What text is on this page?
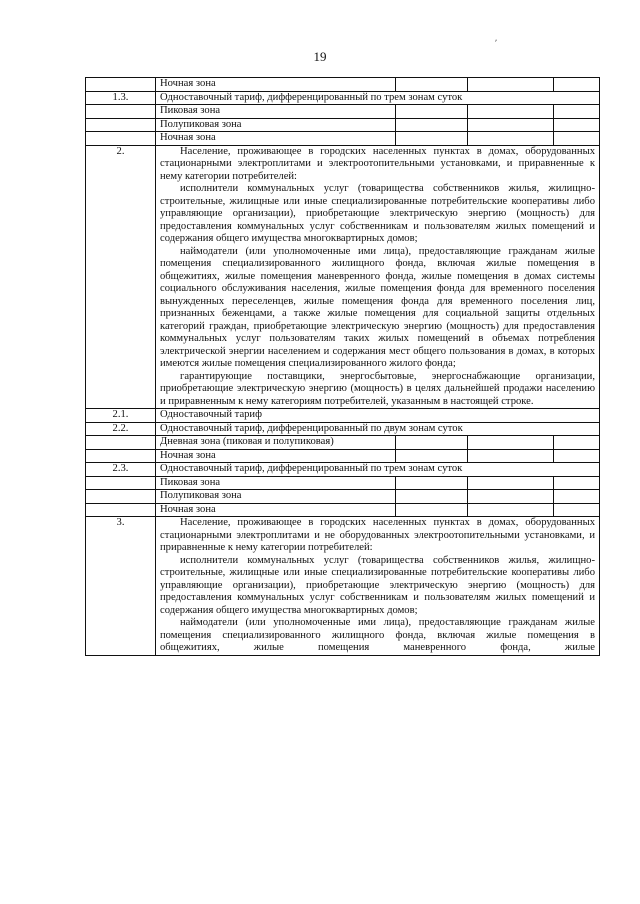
19
'
	Ночная зона			
1.3.	Одноставочный тариф, дифференцированный по трем зонам суток			
	Пиковая зона			
	Полупиковая зона			
	Ночная зона			
2.	Население, проживающее в городских населенных пунктах в домах, оборудованных стационарными электроплитами и электроотопительными установками, и приравненные к нему категории потребителей:
исполнители коммунальных услуг (товарищества собственников жилья, жилищно-строительные, жилищные или иные специализированные потребительские кооперативы либо управляющие организации), приобретающие электрическую энергию (мощность) для предоставления коммунальных услуг собственникам и пользователям жилых помещений и содержания общего имущества многоквартирных домов;
наймодатели (или уполномоченные ими лица), предоставляющие гражданам жилые помещения специализированного жилищного фонда, включая жилые помещения в общежитиях, жилые помещения маневренного фонда, жилые помещения в домах системы социального обслуживания населения, жилые помещения фонда для временного поселения вынужденных переселенцев, жилые помещения фонда для временного поселения лиц, признанных беженцами, а также жилые помещения для социальной защиты отдельных категорий граждан, приобретающие электрическую энергию (мощность) для предоставления коммунальных услуг пользователям таких жилых помещений в объемах потребления электрической энергии населением и содержания мест общего пользования в домах, в которых имеются жилые помещения специализированного жилого фонда;
гарантирующие поставщики, энергосбытовые, энергоснабжающие организации, приобретающие электрическую энергию (мощность) в целях дальнейшей продажи населению и приравненным к нему категориям потребителей, указанным в настоящей строке.			

2.1.	Одноставочный тариф			
2.2.	Одноставочный тариф, дифференцированный по двум зонам суток			
	Дневная зона (пиковая и полупиковая)			
	Ночная зона			
2.3.	Одноставочный тариф, дифференцированный по трем зонам суток			
	Пиковая зона			
	Полупиковая зона			
	Ночная зона			
3.	Население, проживающее в городских населенных пунктах в домах, оборудованных стационарными электроплитами и не оборудованных электроотопительными установками, и приравненные к нему категории потребителей:
исполнители коммунальных услуг (товарищества собственников жилья, жилищно-строительные, жилищные или иные специализированные потребительские кооперативы либо управляющие организации), приобретающие электрическую энергию (мощность) для предоставления коммунальных услуг собственникам и пользователям жилых помещений и содержания общего имущества многоквартирных домов;
наймодатели (или уполномоченные ими лица), предоставляющие гражданам жилые помещения специализированного жилищного фонда, включая жилые помещения в общежитиях, жилые помещения маневренного фонда, жилые			
